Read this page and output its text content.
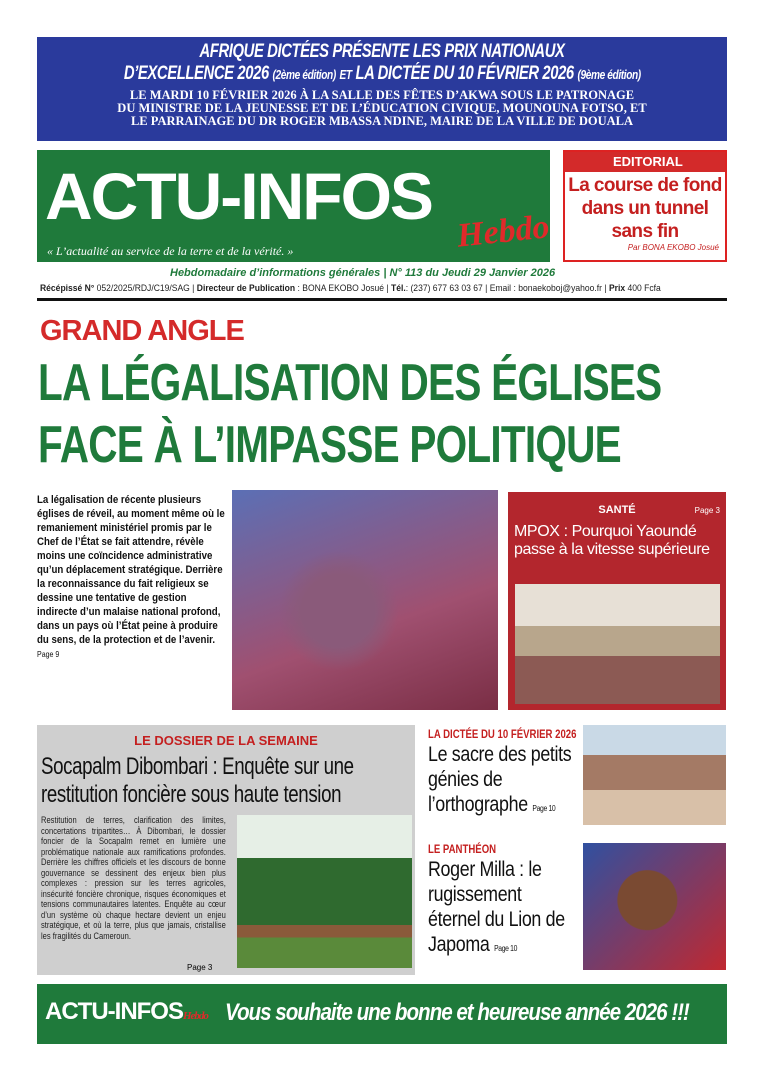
AFRIQUE DICTÉES PRÉSENTE LES PRIX NATIONAUX
D’EXCELLENCE 2026 (2ème édition) ET LA DICTÉE DU 10 FÉVRIER 2026 (9ème édition)
LE MARDI 10 FÉVRIER 2026 À LA SALLE DES FÊTES D’AKWA SOUS LE PATRONAGE
DU MINISTRE DE LA JEUNESSE ET DE L’ÉDUCATION CIVIQUE, MOUNOUNA FOTSO, ET
LE PARRAINAGE DU DR ROGER MBASSA NDINE, MAIRE DE LA VILLE DE DOUALA
ACTU-INFOS Hebdo
« L’actualité au service de la terre et de la vérité. »
EDITORIAL
La course de fond dans un tunnel sans fin
Par BONA EKOBO Josué
Hebdomadaire d’informations générales | N° 113 du Jeudi 29 Janvier 2026
Récépissé N° 052/2025/RDJ/C19/SAG | Directeur de Publication : BONA EKOBO Josué | Tél.: (237) 677 63 03 67 | Email : bonaekoboj@yahoo.fr | Prix 400 Fcfa
GRAND ANGLE
LA LÉGALISATION DES ÉGLISES
FACE À L’IMPASSE POLITIQUE
La légalisation de récente plusieurs églises de réveil, au moment même où le remaniement ministériel promis par le Chef de l’État se fait attendre, révèle moins une coïncidence administrative qu’un déplacement stratégique. Derrière la reconnaissance du fait religieux se dessine une tentative de gestion indirecte d’un malaise national profond, dans un pays où l’État peine à produire du sens, de la protection et de l’avenir. Page 9
SANTÉ	Page 3
MPOX : Pourquoi Yaoundé passe à la vitesse supérieure
LE DOSSIER DE LA SEMAINE
Socapalm Dibombari : Enquête sur une restitution foncière sous haute tension
Restitution de terres, clarification des limites, concertations tripartites… À Dibombari, le dossier foncier de la Socapalm remet en lumière une problématique nationale aux ramifications profondes. Derrière les chiffres officiels et les discours de bonne gouvernance se dessinent des enjeux bien plus complexes : pression sur les terres agricoles, insécurité foncière chronique, risques économiques et tensions communautaires latentes. Enquête au cœur d’un système où chaque hectare devient un enjeu stratégique, et où la terre, plus que jamais, cristallise les fragilités du Cameroun.
Page 3
LA DICTÉE DU 10 FÉVRIER 2026
Le sacre des petits génies de l’orthographe Page 10
LE PANTHÉON
Roger Milla : le rugissement éternel du Lion de Japoma Page 10
ACTU-INFOSHebdo Vous souhaite une bonne et heureuse année 2026 !!!
